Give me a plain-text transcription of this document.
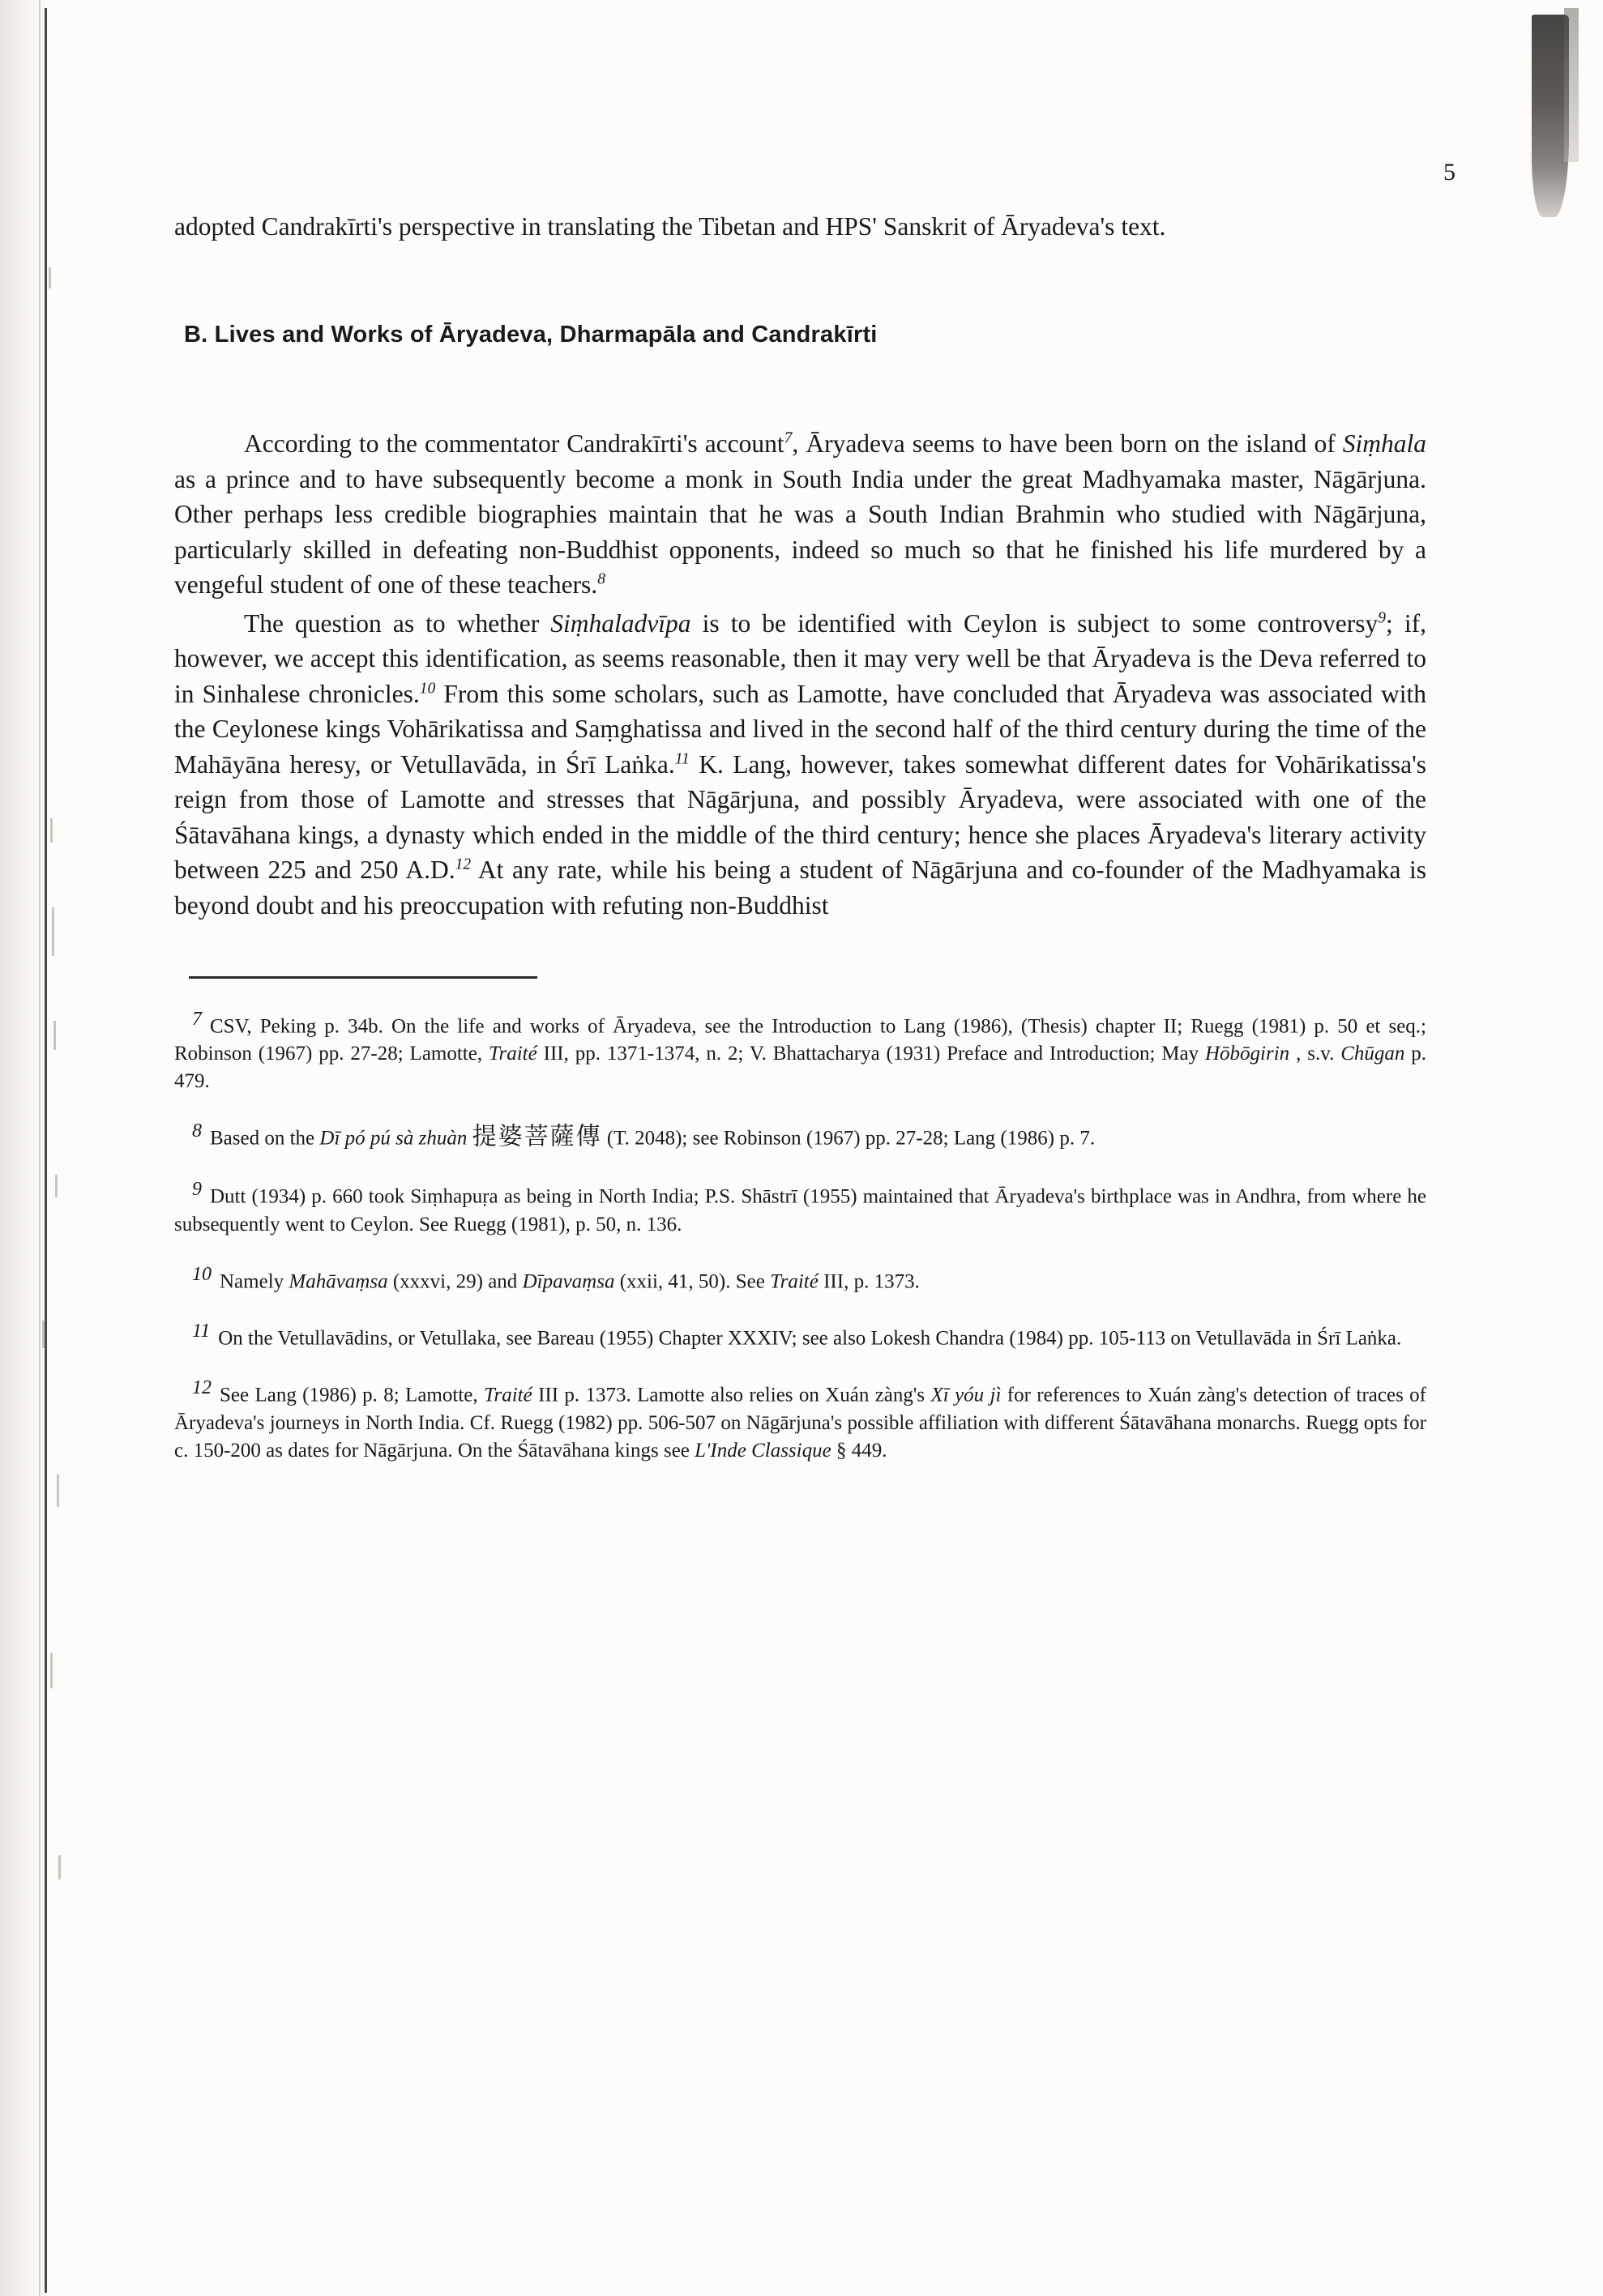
5

adopted Candrakīrti's perspective in translating the Tibetan and HPS' Sanskrit of Āryadeva's text.

B. Lives and Works of Āryadeva, Dharmapāla and Candrakīrti

According to the commentator Candrakīrti's account$^7$, Āryadeva seems to have been born on the island of Siṃhala as a prince and to have subsequently become a monk in South India under the great Madhyamaka master, Nāgārjuna. Other perhaps less credible biographies maintain that he was a South Indian Brahmin who studied with Nāgārjuna, particularly skilled in defeating non-Buddhist opponents, indeed so much so that he finished his life murdered by a vengeful student of one of these teachers.$^8$

The question as to whether Siṃhaladvīpa is to be identified with Ceylon is subject to some controversy$^9$; if, however, we accept this identification, as seems reasonable, then it may very well be that Āryadeva is the Deva referred to in Sinhalese chronicles.$^{10}$ From this some scholars, such as Lamotte, have concluded that Āryadeva was associated with the Ceylonese kings Vohārikatissa and Saṃghatissa and lived in the second half of the third century during the time of the Mahāyāna heresy, or Vetullavāda, in Śrī Laṅka.$^{11}$ K. Lang, however, takes somewhat different dates for Vohārikatissa's reign from those of Lamotte and stresses that Nāgārjuna, and possibly Āryadeva, were associated with one of the Śātavāhana kings, a dynasty which ended in the middle of the third century; hence she places Āryadeva's literary activity between 225 and 250 A.D.$^{12}$ At any rate, while his being a student of Nāgārjuna and co-founder of the Madhyamaka is beyond doubt and his preoccupation with refuting non-Buddhist

7 CSV, Peking p. 34b. On the life and works of Āryadeva, see the Introduction to Lang (1986), (Thesis) chapter II; Ruegg (1981) p. 50 et seq.; Robinson (1967) pp. 27-28; Lamotte, Traité III, pp. 1371-1374, n. 2; V. Bhattacharya (1931) Preface and Introduction; May Hōbōgirin , s.v. Chūgan p. 479.

8 Based on the Dī pó pú sà zhuàn 提婆菩薩傳 (T. 2048); see Robinson (1967) pp. 27-28; Lang (1986) p. 7.

9 Dutt (1934) p. 660 took Siṃhapuṛa as being in North India; P.S. Shāstrī (1955) maintained that Āryadeva's birthplace was in Andhra, from where he subsequently went to Ceylon. See Ruegg (1981), p. 50, n. 136.

10 Namely Mahāvaṃsa (xxxvi, 29) and Dīpavaṃsa (xxii, 41, 50). See Traité III, p. 1373.

11 On the Vetullavādins, or Vetullaka, see Bareau (1955) Chapter XXXIV; see also Lokesh Chandra (1984) pp. 105-113 on Vetullavāda in Śrī Laṅka.

12 See Lang (1986) p. 8; Lamotte, Traité III p. 1373. Lamotte also relies on Xuán zàng's Xī yóu jì for references to Xuán zàng's detection of traces of Āryadeva's journeys in North India. Cf. Ruegg (1982) pp. 506-507 on Nāgārjuna's possible affiliation with different Śātavāhana monarchs. Ruegg opts for c. 150-200 as dates for Nāgārjuna. On the Śātavāhana kings see L'Inde Classique § 449.
